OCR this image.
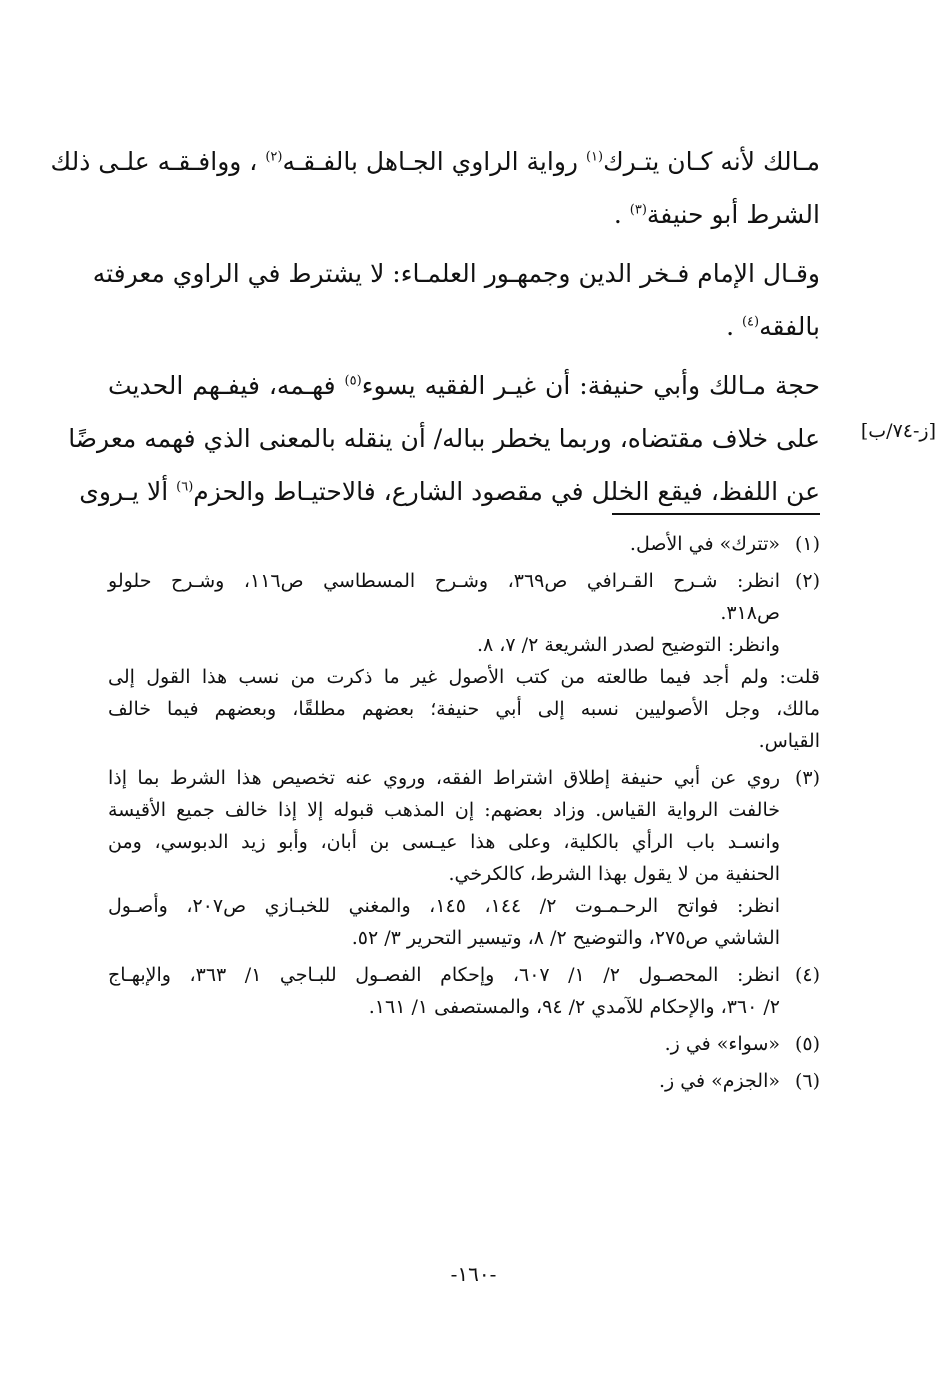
مـالك لأنه كـان يتـرك$^{(١)}$ رواية الراوي الجـاهل بالفـقـه$^{(٢)}$ ، ووافـقـه علـى ذلك
الشرط أبو حنيفة$^{(٣)}$ .
وقـال الإمام فـخر الدين وجمهـور العلمـاء: لا يشترط في الراوي معرفته
بالفقه$^{(٤)}$ .
حجة مـالك وأبي حنيفة: أن غيـر الفقيه يسوء$^{(٥)}$ فهـمه، فيفـهم الحديث
على خلاف مقتضاه، وربما يخطر بباله/ أن ينقله بالمعنى الذي فهمه معرضًا
عن اللفظ، فيقع الخلل في مقصود الشارع، فالاحتيـاط والحزم$^{(٦)}$ ألا يـروى
[ز-٧٤/ب]
(١)
«تترك» في الأصل.
(٢)
انظر: شـرح القـرافي ص٣٦٩، وشـرح المسطاسي ص١١٦، وشـرح حلولو
ص٣١٨.
وانظر: التوضيح لصدر الشريعة ٢/ ٧، ٨.
قلت: ولم أجد فيما طالعته من كتب الأصول غير ما ذكرت من نسب هذا القول إلى
مالك، وجل الأصوليين نسبه إلى أبي حنيفة؛ بعضهم مطلقًا، وبعضهم فيما خالف
القياس.
(٣)
روي عن أبي حنيفة إطلاق اشتراط الفقه، وروي عنه تخصيص هذا الشرط بما إذا
خالفت الرواية القياس. وزاد بعضهم: إن المذهب قبوله إلا إذا خالف جميع الأقيسة
وانسـد باب الرأي بالكلية، وعلى هذا عيـسى بن أبان، وأبو زيد الدبوسي، ومن
الحنفية من لا يقول بهذا الشرط، كالكرخي.
انظر: فواتح الرحـمـوت ٢/ ١٤٤، ١٤٥، والمغني للخبـازي ص٢٠٧، وأصـول
الشاشي ص٢٧٥، والتوضيح ٢/ ٨، وتيسير التحرير ٣/ ٥٢.
(٤)
انظر: المحصـول ٢/ ١/ ٦٠٧، وإحكام الفصـول للبـاجي ١/ ٣٦٣، والإبهـاج
٢/ ٣٦٠، والإحكام للآمدي ٢/ ٩٤، والمستصفى ١/ ١٦١.
(٥)
«سواء» في ز.
(٦)
«الجزم» في ز.
-١٦٠-
